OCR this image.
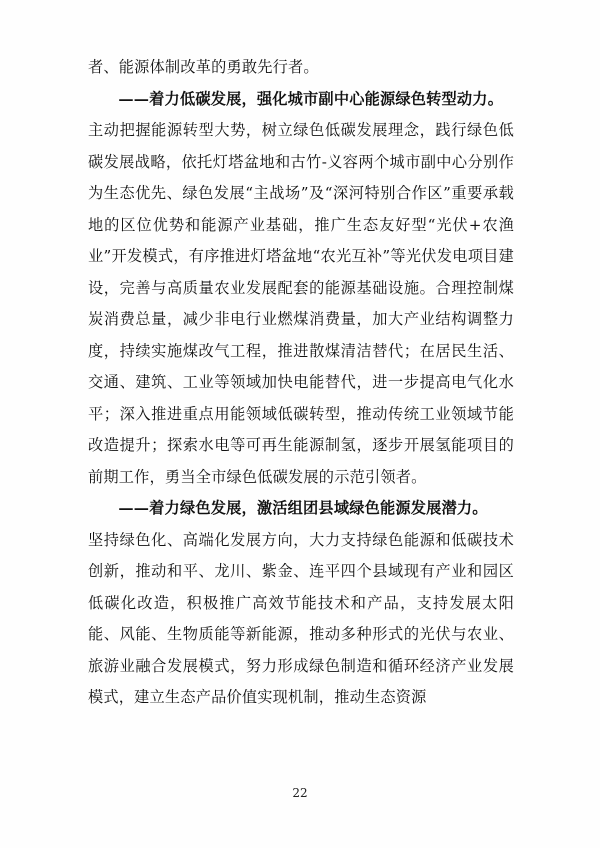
者、能源体制改革的勇敢先行者。

——着力低碳发展，强化城市副中心能源绿色转型动力。

主动把握能源转型大势，树立绿色低碳发展理念，践行绿色低碳发展战略，依托灯塔盆地和古竹-义容两个城市副中心分别作为生态优先、绿色发展“主战场”及“深河特别合作区”重要承载地的区位优势和能源产业基础，推广生态友好型“光伏+农渔业”开发模式，有序推进灯塔盆地“农光互补”等光伏发电项目建设，完善与高质量农业发展配套的能源基础设施。合理控制煤炭消费总量，减少非电行业燃煤消费量，加大产业结构调整力度，持续实施煤改气工程，推进散煤清洁替代；在居民生活、交通、建筑、工业等领域加快电能替代，进一步提高电气化水平；深入推进重点用能领域低碳转型，推动传统工业领域节能改造提升；探索水电等可再生能源制氢，逐步开展氢能项目的前期工作，勇当全市绿色低碳发展的示范引领者。

——着力绿色发展，激活组团县域绿色能源发展潜力。

坚持绿色化、高端化发展方向，大力支持绿色能源和低碳技术创新，推动和平、龙川、紫金、连平四个县域现有产业和园区低碳化改造，积极推广高效节能技术和产品，支持发展太阳能、风能、生物质能等新能源，推动多种形式的光伏与农业、旅游业融合发展模式，努力形成绿色制造和循环经济产业发展模式，建立生态产品价值实现机制，推动生态资源

22
